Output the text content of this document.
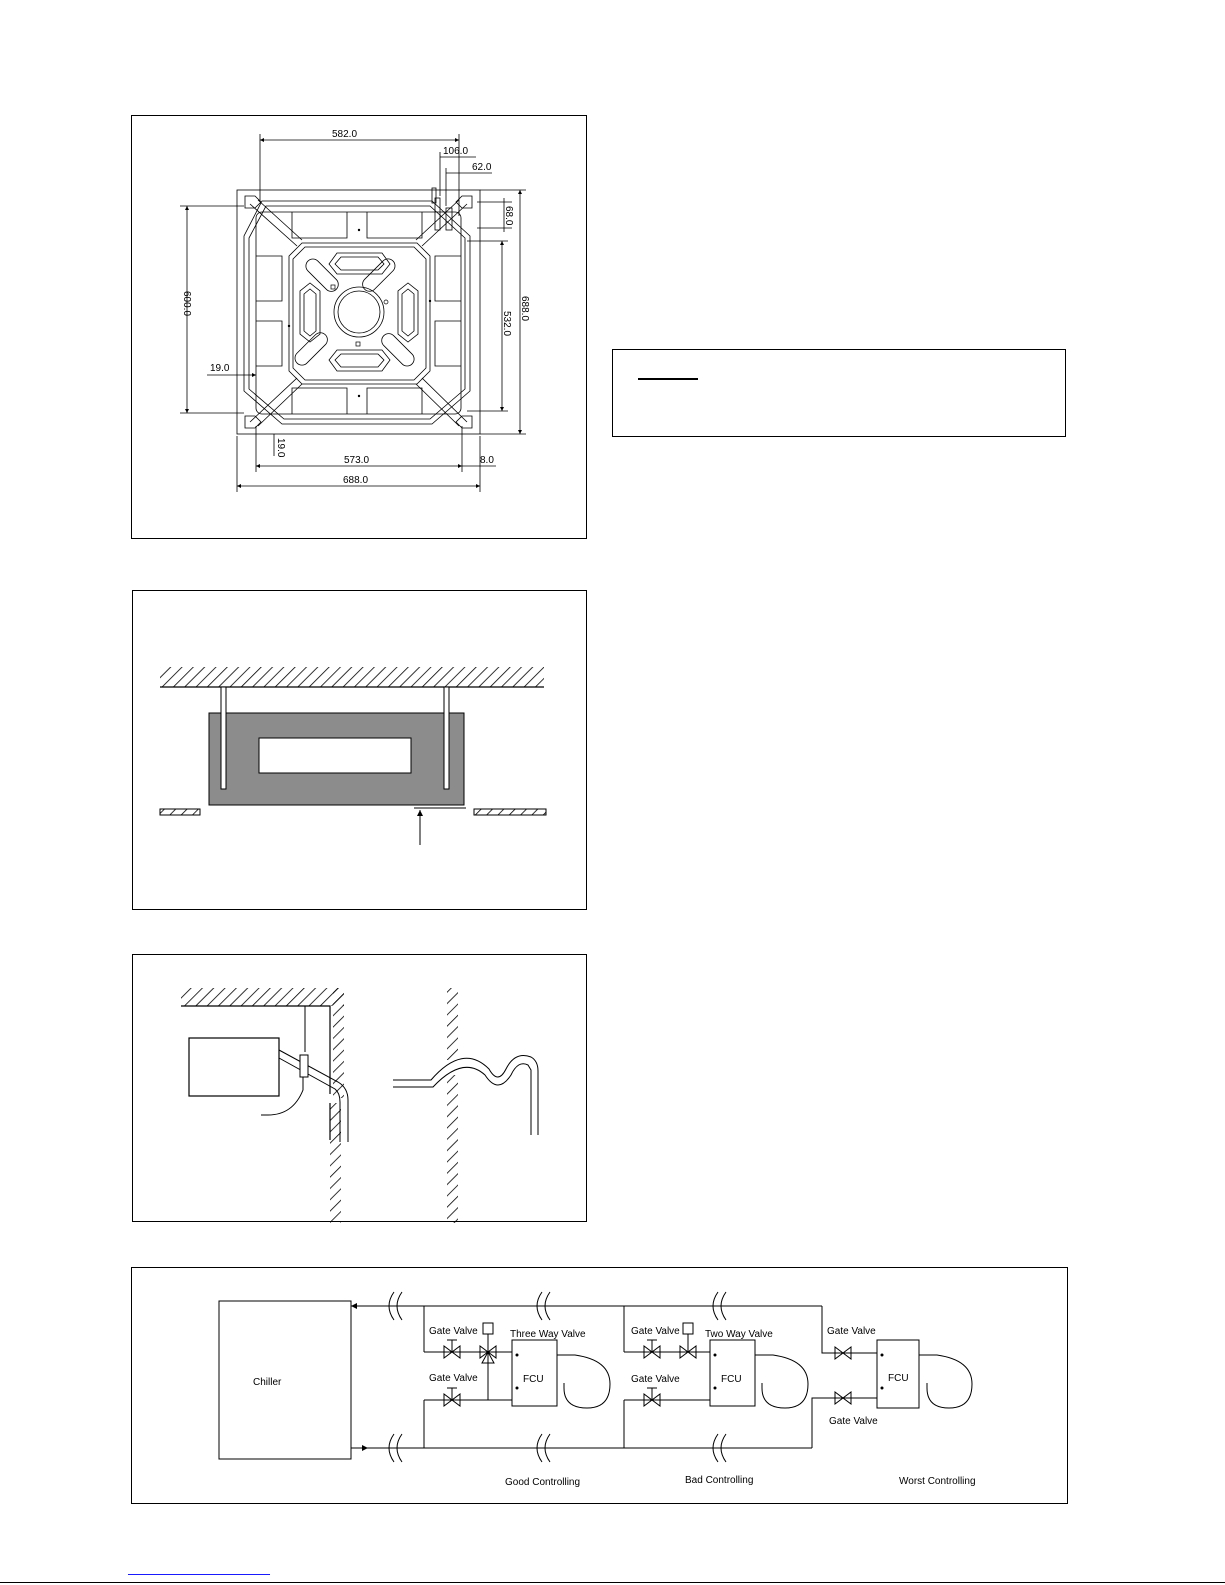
582.0
106.0
62.0
68.0
600.0	688.0
532.0
19.0
19.0
573.0	8.0
688.0
Chiller
Gate Valve	Three Way Valve
Gate Valve	FCU
Gate Valve	Two Way Valve
Gate Valve	FCU
Gate Valve
Gate Valve
FCU
Good Controlling	Bad Controlling	Worst Controlling
